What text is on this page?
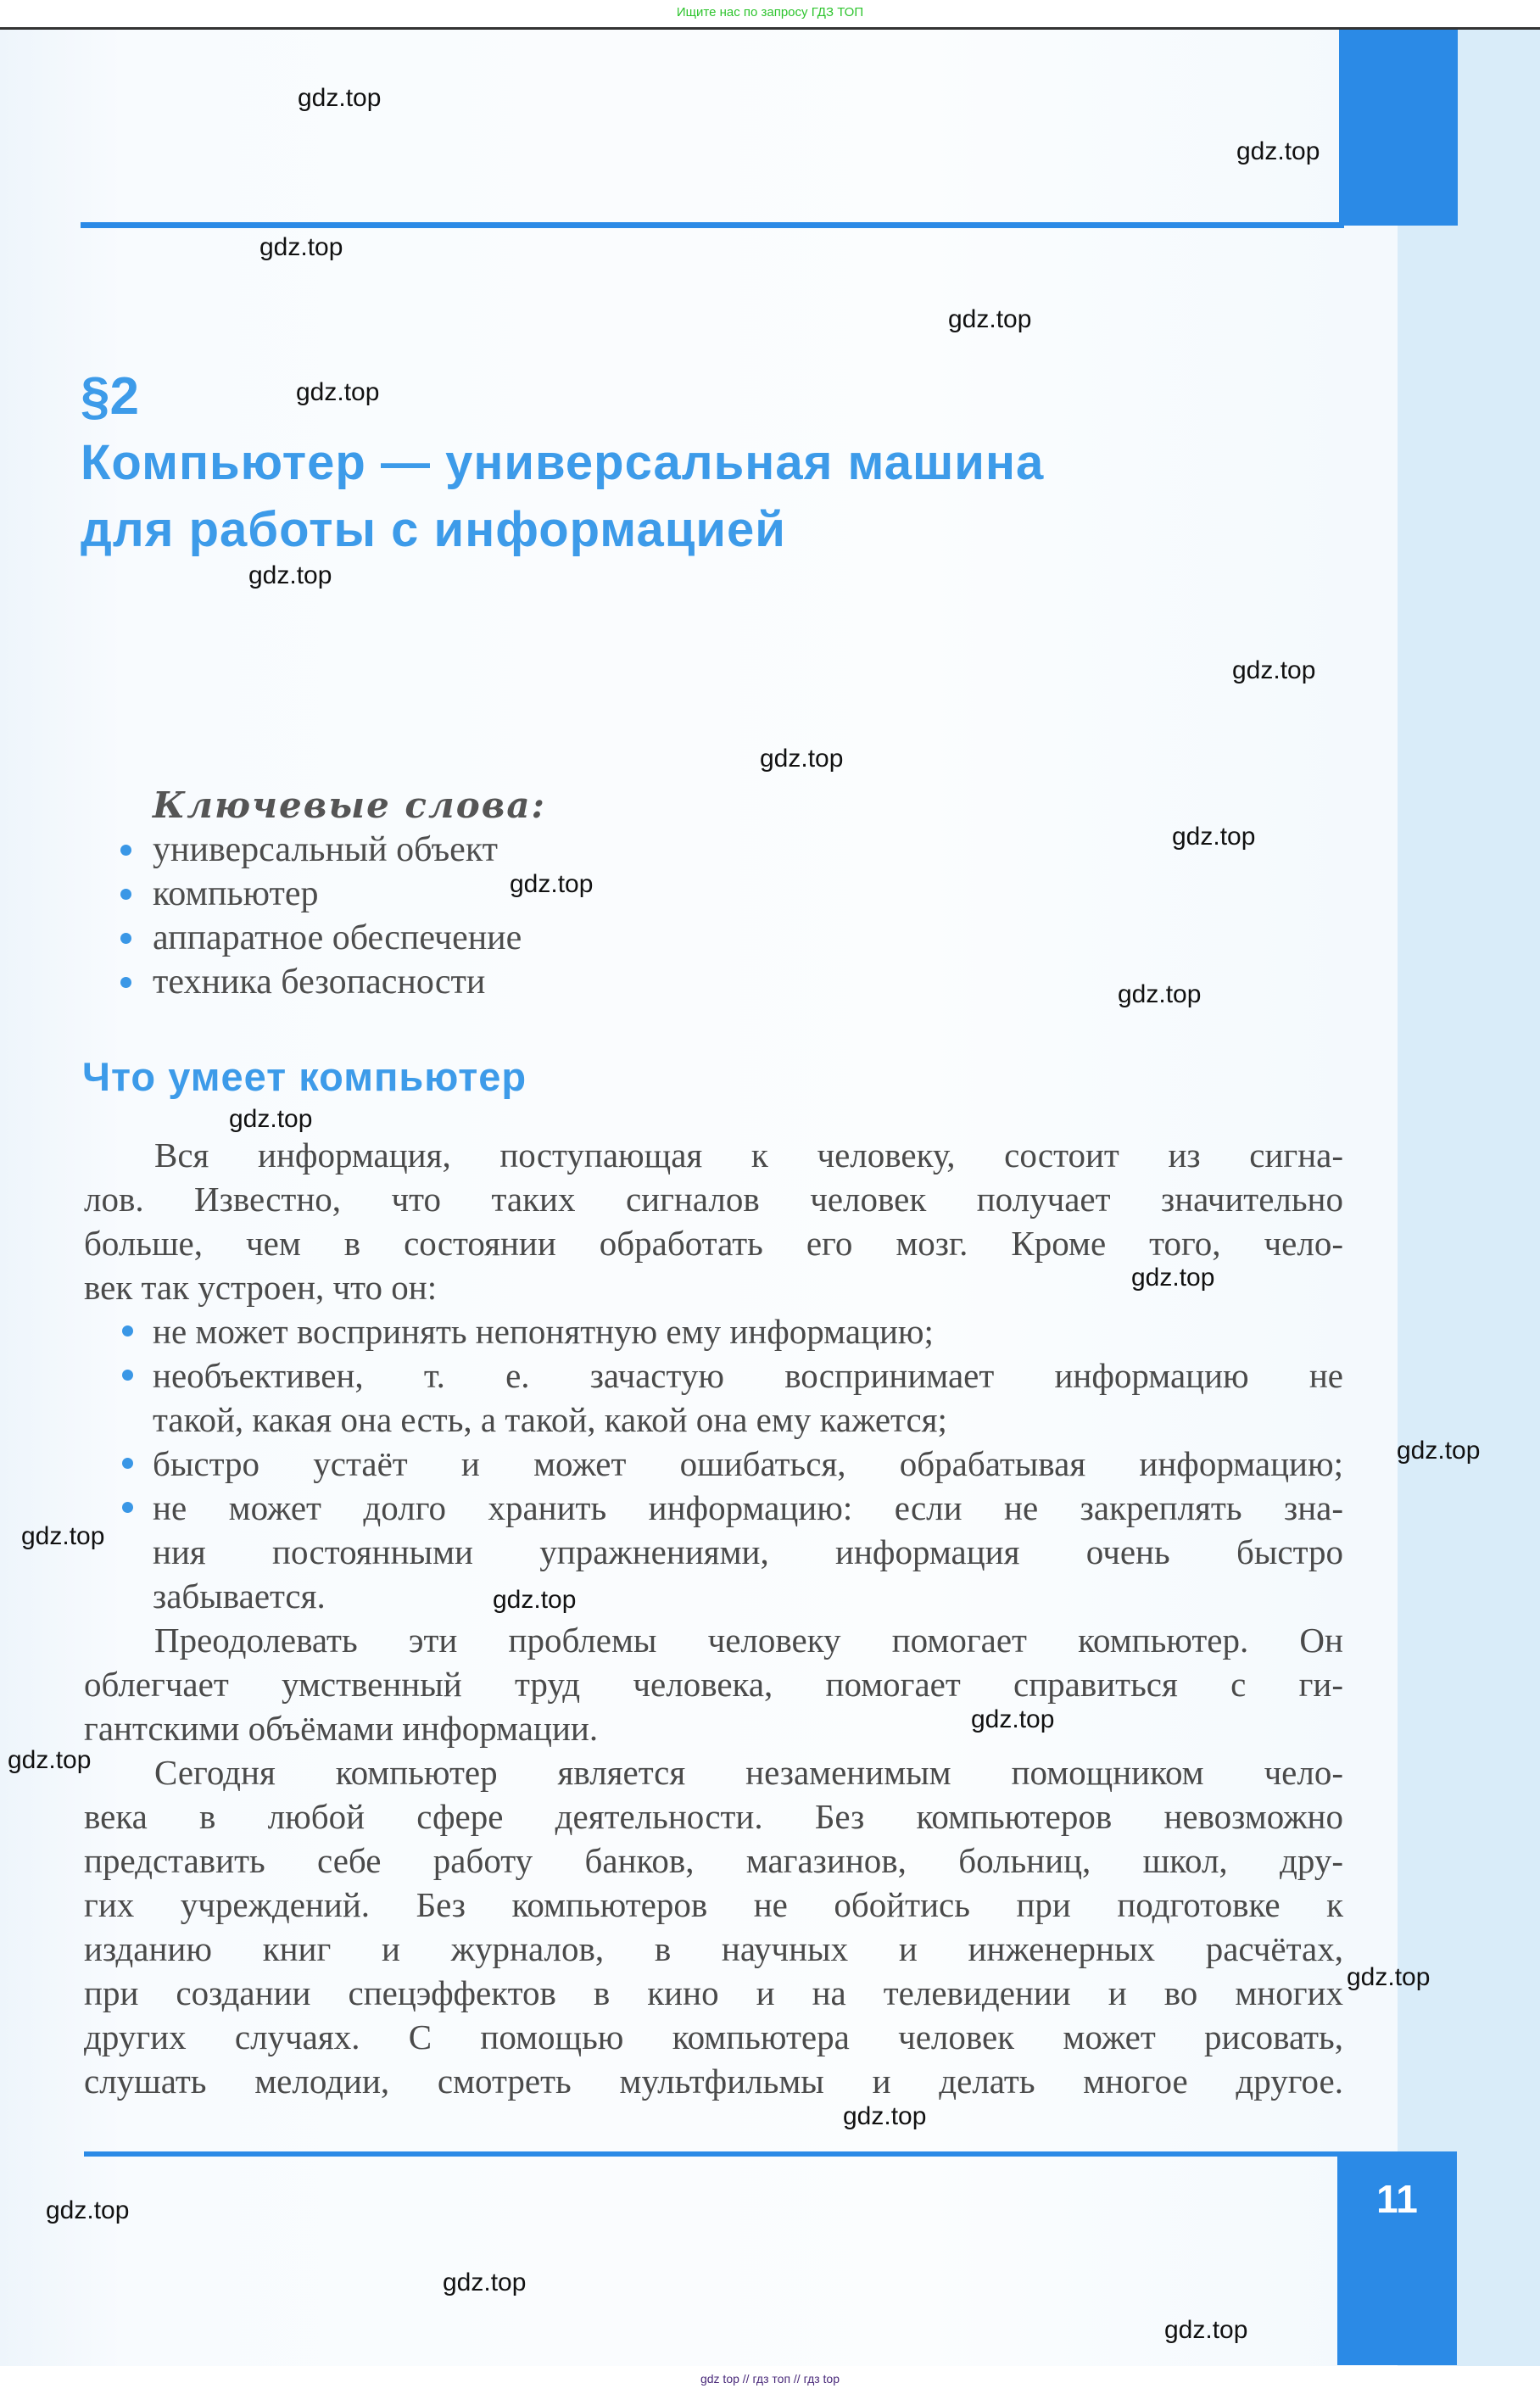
Ищите нас по запросу ГДЗ ТОП
§2
Компьютер — универсальная машина
для работы с информацией
Ключевые слова:
универсальный объект
компьютер
аппаратное обеспечение
техника безопасности
Что умеет компьютер
Вся информация, поступающая к человеку, состоит из сигна-
лов. Известно, что таких сигналов человек получает значительно
больше, чем в состоянии обработать его мозг. Кроме того, чело-
век так устроен, что он:
не может воспринять непонятную ему информацию;
необъективен, т. е. зачастую воспринимает информацию не
такой, какая она есть, а такой, какой она ему кажется;
быстро устаёт и может ошибаться, обрабатывая информацию;
не может долго хранить информацию: если не закреплять зна-
ния постоянными упражнениями, информация очень быстро
забывается.
Преодолевать эти проблемы человеку помогает компьютер. Он
облегчает умственный труд человека, помогает справиться с ги-
гантскими объёмами информации.
Сегодня компьютер является незаменимым помощником чело-
века в любой сфере деятельности. Без компьютеров невозможно
представить себе работу банков, магазинов, больниц, школ, дру-
гих учреждений. Без компьютеров не обойтись при подготовке к
изданию книг и журналов, в научных и инженерных расчётах,
при создании спецэффектов в кино и на телевидении и во многих
других случаях. С помощью компьютера человек может рисовать,
слушать мелодии, смотреть мультфильмы и делать многое другое.
11
gdz.top
gdz.top
gdz.top
gdz.top
gdz.top
gdz.top
gdz.top
gdz.top
gdz.top
gdz.top
gdz.top
gdz.top
gdz.top
gdz.top
gdz.top
gdz.top
gdz.top
gdz.top
gdz.top
gdz.top
gdz.top
gdz.top
gdz.top
gdz top // гдз топ // гдз top
